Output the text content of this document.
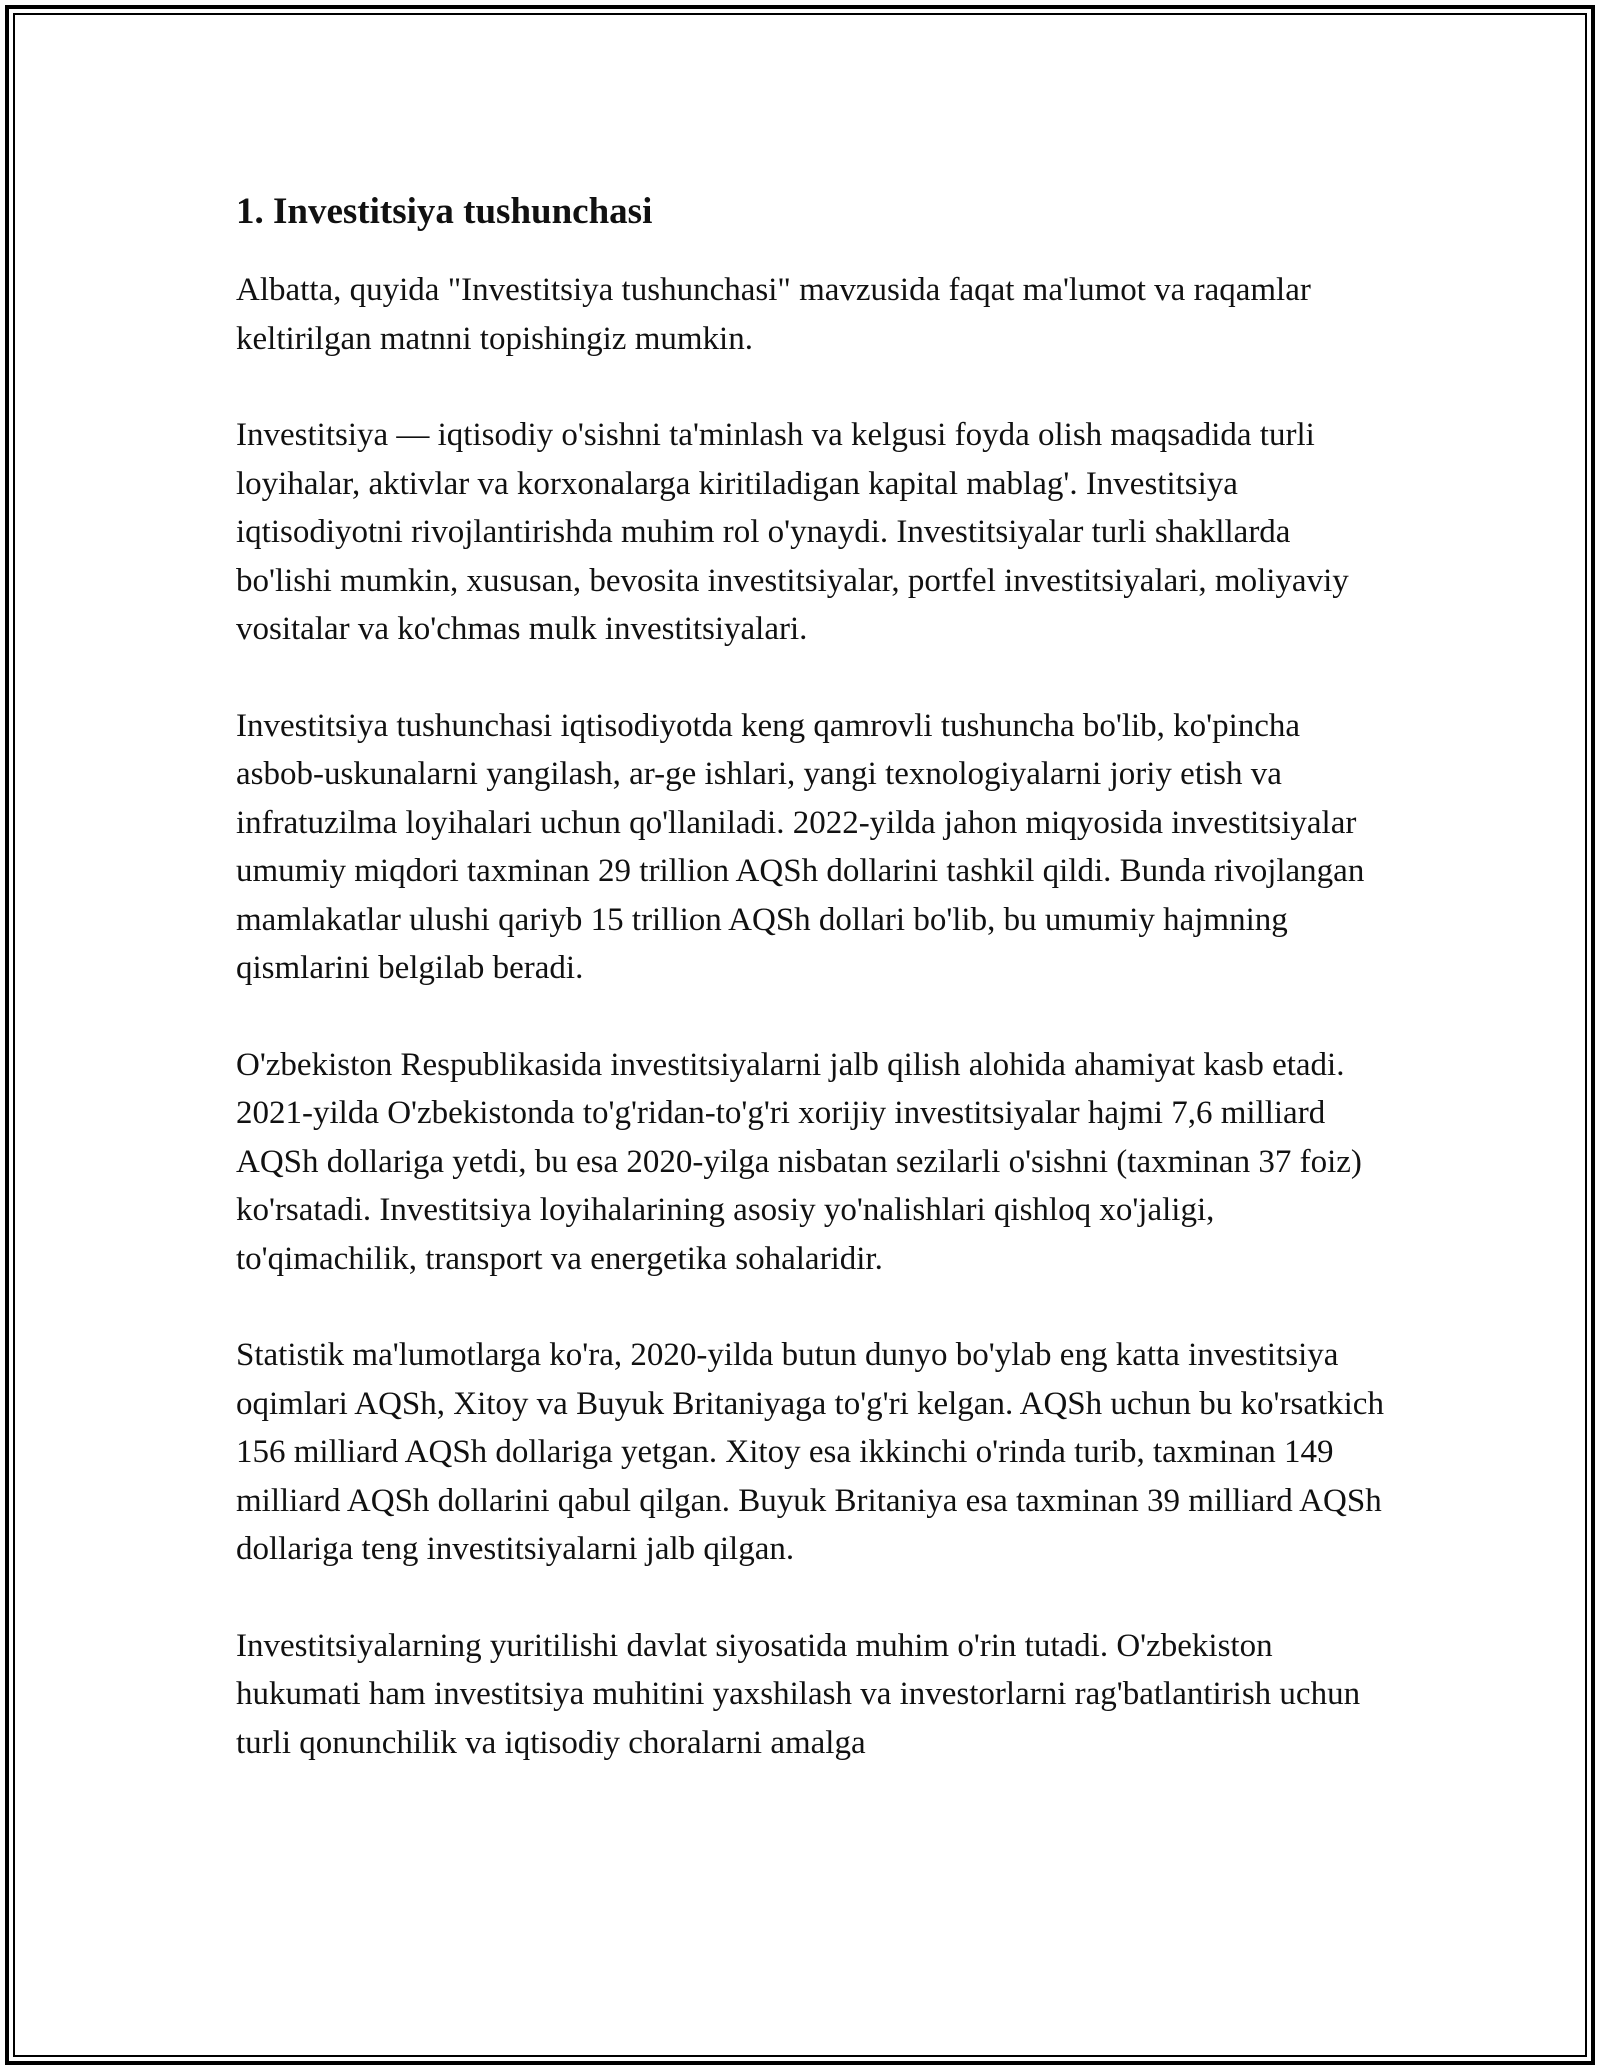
1. Investitsiya tushunchasi

Albatta, quyida "Investitsiya tushunchasi" mavzusida faqat ma'lumot va raqamlar keltirilgan matnni topishingiz mumkin.

Investitsiya — iqtisodiy o'sishni ta'minlash va kelgusi foyda olish maqsadida turli loyihalar, aktivlar va korxonalarga kiritiladigan kapital mablag'. Investitsiya iqtisodiyotni rivojlantirishda muhim rol o'ynaydi. Investitsiyalar turli shakllarda bo'lishi mumkin, xususan, bevosita investitsiyalar, portfel investitsiyalari, moliyaviy vositalar va ko'chmas mulk investitsiyalari.

Investitsiya tushunchasi iqtisodiyotda keng qamrovli tushuncha bo'lib, ko'pincha asbob-uskunalarni yangilash, ar-ge ishlari, yangi texnologiyalarni joriy etish va infratuzilma loyihalari uchun qo'llaniladi. 2022-yilda jahon miqyosida investitsiyalar umumiy miqdori taxminan 29 trillion AQSh dollarini tashkil qildi. Bunda rivojlangan mamlakatlar ulushi qariyb 15 trillion AQSh dollari bo'lib, bu umumiy hajmning qismlarini belgilab beradi.

O'zbekiston Respublikasida investitsiyalarni jalb qilish alohida ahamiyat kasb etadi. 2021-yilda O'zbekistonda to'g'ridan-to'g'ri xorijiy investitsiyalar hajmi 7,6 milliard AQSh dollariga yetdi, bu esa 2020-yilga nisbatan sezilarli o'sishni (taxminan 37 foiz) ko'rsatadi. Investitsiya loyihalarining asosiy yo'nalishlari qishloq xo'jaligi, to'qimachilik, transport va energetika sohalaridir.

Statistik ma'lumotlarga ko'ra, 2020-yilda butun dunyo bo'ylab eng katta investitsiya oqimlari AQSh, Xitoy va Buyuk Britaniyaga to'g'ri kelgan. AQSh uchun bu ko'rsatkich 156 milliard AQSh dollariga yetgan. Xitoy esa ikkinchi o'rinda turib, taxminan 149 milliard AQSh dollarini qabul qilgan. Buyuk Britaniya esa taxminan 39 milliard AQSh dollariga teng investitsiyalarni jalb qilgan.

Investitsiyalarning yuritilishi davlat siyosatida muhim o'rin tutadi. O'zbekiston hukumati ham investitsiya muhitini yaxshilash va investorlarni rag'batlantirish uchun turli qonunchilik va iqtisodiy choralarni amalga
